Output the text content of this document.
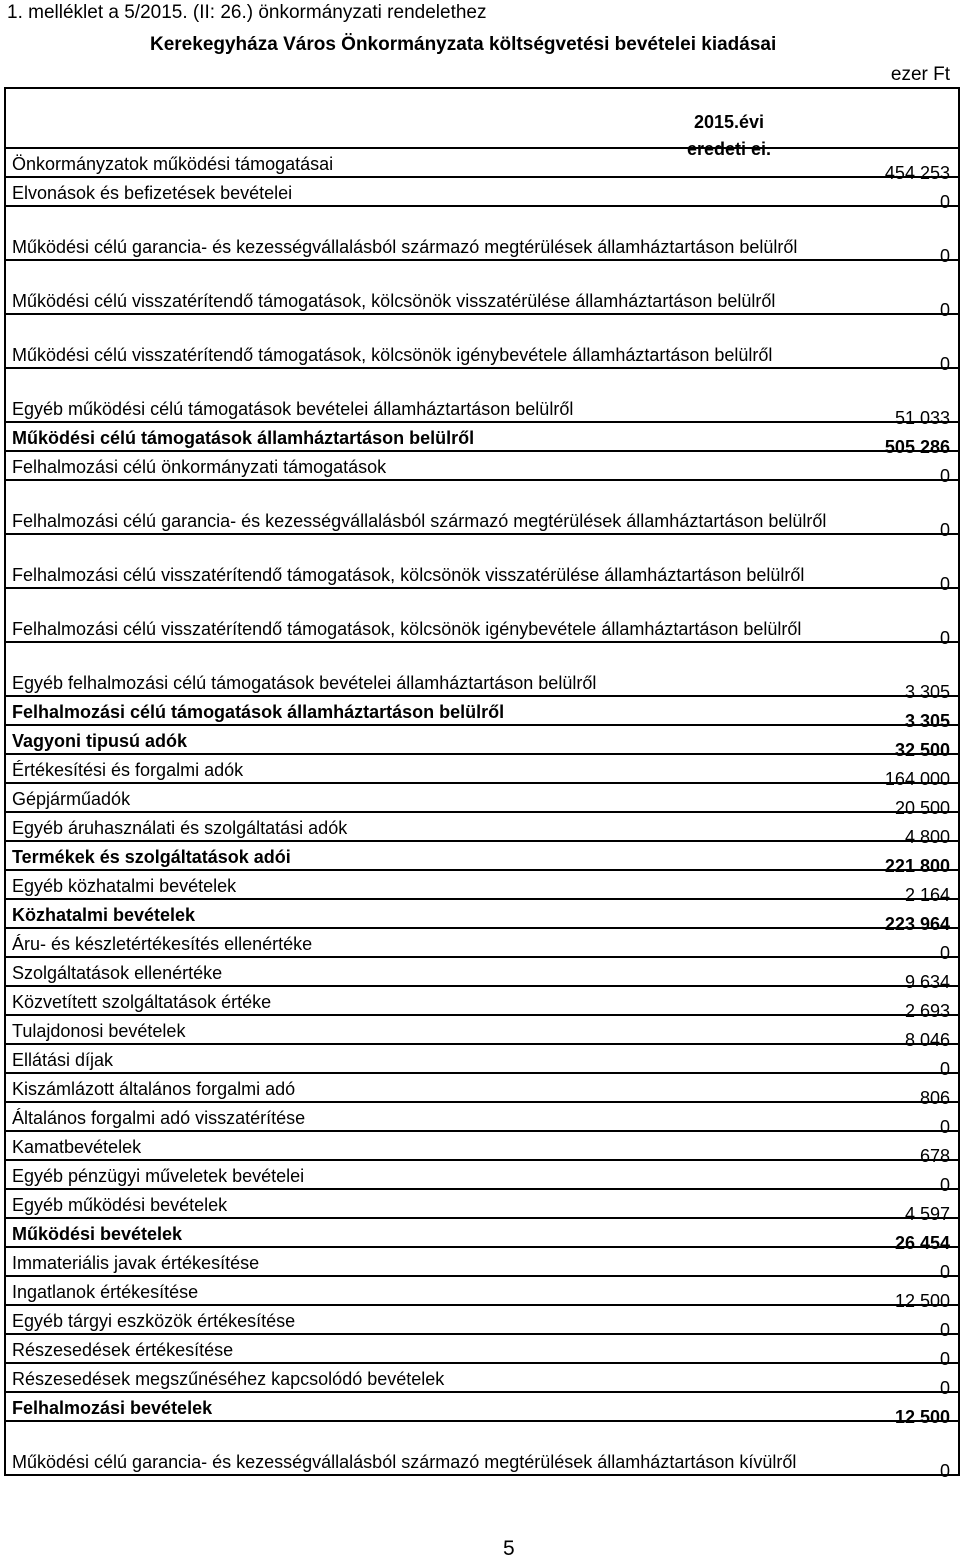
1. melléklet a 5/2015. (II: 26.) önkormányzati rendelethez
Kerekegyháza Város Önkormányzata költségvetési bevételei kiadásai
ezer Ft

	2015.évi
eredeti ei.	

Önkormányzatok működési támogatásai		454 253
Elvonások és befizetések bevételei		0
Működési célú garancia- és kezességvállalásból származó megtérülések államháztartáson belülről		0
Működési célú visszatérítendő támogatások, kölcsönök visszatérülése államháztartáson belülről		0
Működési célú visszatérítendő támogatások, kölcsönök igénybevétele államháztartáson belülről		0
Egyéb működési célú támogatások bevételei államháztartáson belülről		51 033
Működési célú támogatások államháztartáson belülről		505 286
Felhalmozási célú önkormányzati támogatások		0
Felhalmozási célú garancia- és kezességvállalásból származó megtérülések államháztartáson belülről		0
Felhalmozási célú visszatérítendő támogatások, kölcsönök visszatérülése államháztartáson belülről		0
Felhalmozási célú visszatérítendő támogatások, kölcsönök igénybevétele államháztartáson belülről		0
Egyéb felhalmozási célú támogatások bevételei államháztartáson belülről		3 305
Felhalmozási célú támogatások államháztartáson belülről		3 305
Vagyoni tipusú adók		32 500
Értékesítési és forgalmi adók		164 000
Gépjárműadók		20 500
Egyéb áruhasználati és szolgáltatási adók		4 800
Termékek és szolgáltatások adói		221 800
Egyéb közhatalmi bevételek		2 164
Közhatalmi bevételek		223 964
Áru- és készletértékesítés ellenértéke		0
Szolgáltatások ellenértéke		9 634
Közvetített szolgáltatások értéke		2 693
Tulajdonosi bevételek		8 046
Ellátási díjak		0
Kiszámlázott általános forgalmi adó		806
Általános forgalmi adó visszatérítése		0
Kamatbevételek		678
Egyéb pénzügyi műveletek bevételei		0
Egyéb működési bevételek		4 597
Működési bevételek		26 454
Immateriális javak értékesítése		0
Ingatlanok értékesítése		12 500
Egyéb tárgyi eszközök értékesítése		0
Részesedések értékesítése		0
Részesedések megszűnéséhez kapcsolódó bevételek		0
Felhalmozási bevételek		12 500
Működési célú garancia- és kezességvállalásból származó megtérülések államháztartáson kívülről		0
5
